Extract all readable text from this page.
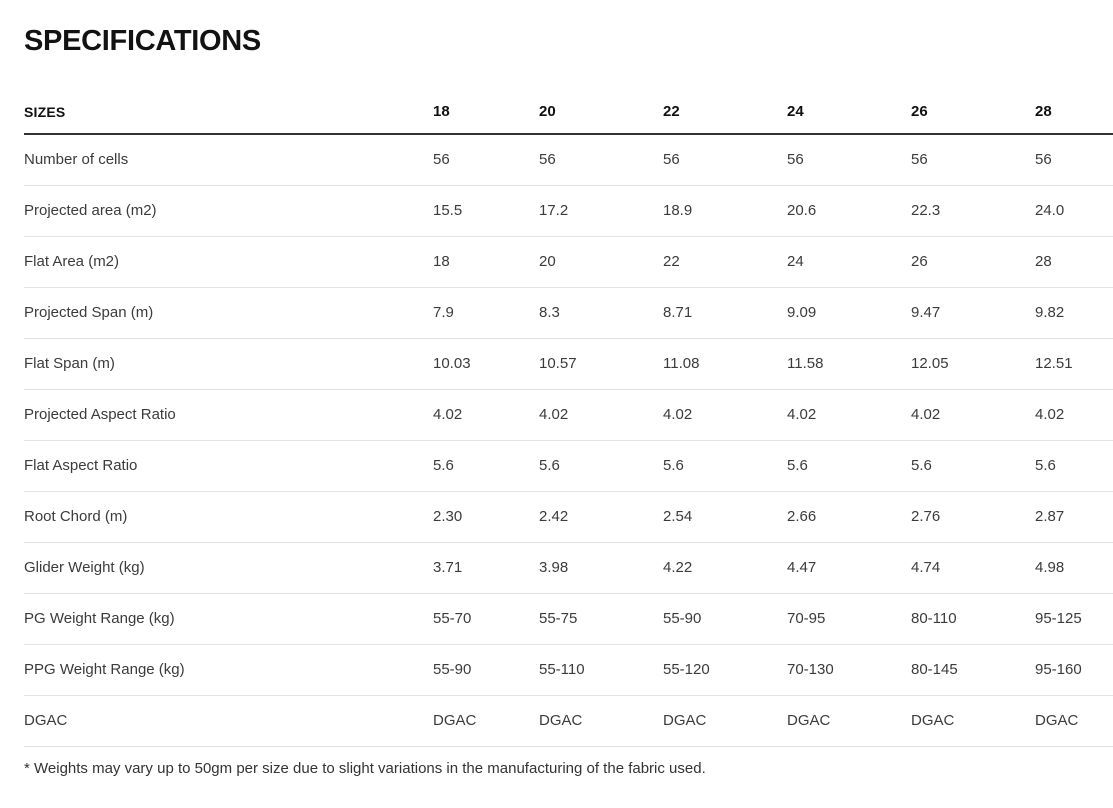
SPECIFICATIONS
SIZES	18	20	22	24	26	28
Number of cells	56	56	56	56	56	56
Projected area (m2)	15.5	17.2	18.9	20.6	22.3	24.0
Flat Area (m2)	18	20	22	24	26	28
Projected Span (m)	7.9	8.3	8.71	9.09	9.47	9.82
Flat Span (m)	10.03	10.57	11.08	11.58	12.05	12.51
Projected Aspect Ratio	4.02	4.02	4.02	4.02	4.02	4.02
Flat Aspect Ratio	5.6	5.6	5.6	5.6	5.6	5.6
Root Chord (m)	2.30	2.42	2.54	2.66	2.76	2.87
Glider Weight (kg)	3.71	3.98	4.22	4.47	4.74	4.98
PG Weight Range (kg)	55-70	55-75	55-90	70-95	80-110	95-125
PPG Weight Range (kg)	55-90	55-110	55-120	70-130	80-145	95-160
DGAC	DGAC	DGAC	DGAC	DGAC	DGAC	DGAC

* Weights may vary up to 50gm per size due to slight variations in the manufacturing of the fabric used.
